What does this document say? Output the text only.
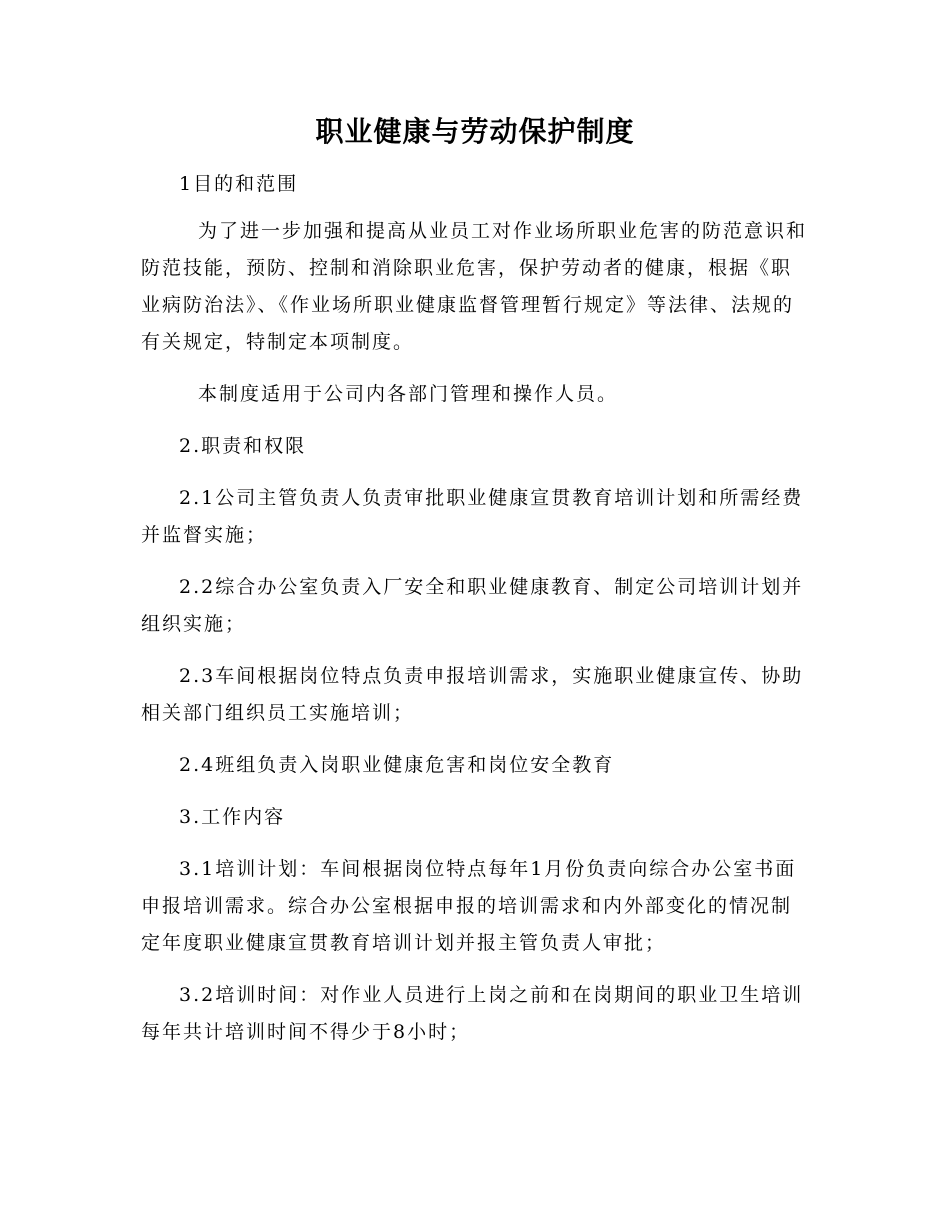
职业健康与劳动保护制度

1目的和范围

为了进一步加强和提高从业员工对作业场所职业危害的防范意识和防范技能，预防、控制和消除职业危害，保护劳动者的健康，根据《职业病防治法》、《作业场所职业健康监督管理暂行规定》等法律、法规的有关规定，特制定本项制度。

本制度适用于公司内各部门管理和操作人员。

2.职责和权限

2.1公司主管负责人负责审批职业健康宣贯教育培训计划和所需经费并监督实施；

2.2综合办公室负责入厂安全和职业健康教育、制定公司培训计划并组织实施；

2.3车间根据岗位特点负责申报培训需求，实施职业健康宣传、协助相关部门组织员工实施培训；

2.4班组负责入岗职业健康危害和岗位安全教育

3.工作内容

3.1培训计划：车间根据岗位特点每年1月份负责向综合办公室书面申报培训需求。综合办公室根据申报的培训需求和内外部变化的情况制定年度职业健康宣贯教育培训计划并报主管负责人审批；

3.2培训时间：对作业人员进行上岗之前和在岗期间的职业卫生培训每年共计培训时间不得少于8小时；
